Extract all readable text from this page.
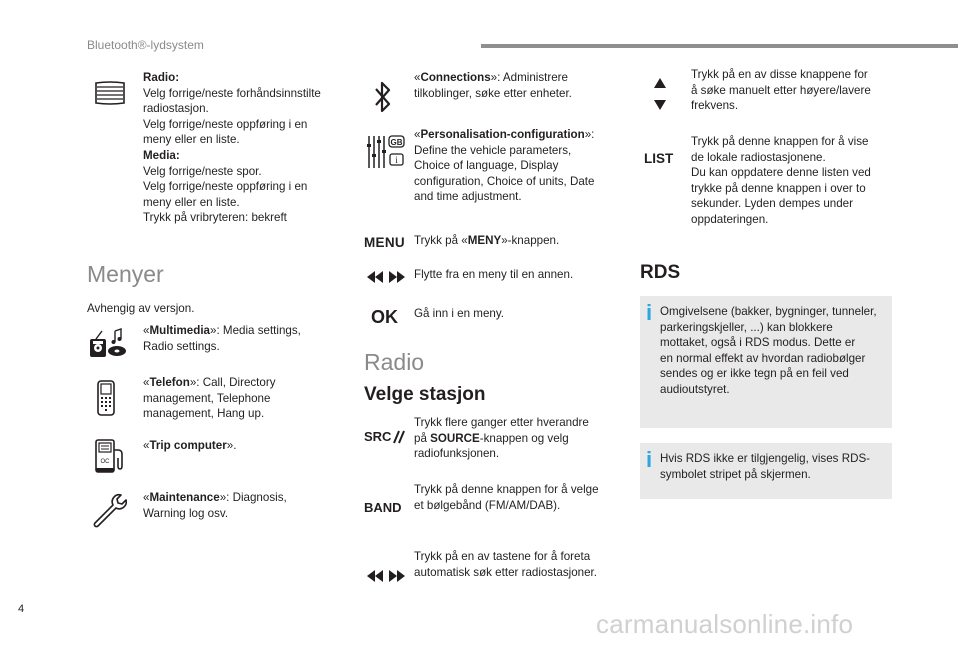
Bluetooth®-lydsystem
Radio:
Velg forrige/neste forhåndsinnstilte
radiostasjon.
Velg forrige/neste oppføring i en
meny eller en liste.
Media:
Velg forrige/neste spor.
Velg forrige/neste oppføring i en
meny eller en liste.
Trykk på vribryteren: bekreft
Menyer
Avhengig av versjon.
«Multimedia»: Media settings,
Radio settings.
«Telefon»: Call, Directory
management, Telephone
management, Hang up.
OC
«Trip computer».
«Maintenance»: Diagnosis,
Warning log osv.
«Connections»: Administrere
tilkoblinger, søke etter enheter.
GB
i
«Personalisation-configuration»:
Define the vehicle parameters,
Choice of language, Display
configuration, Choice of units, Date
and time adjustment.
MENU Trykk på «MENY»-knappen.
Flytte fra en meny til en annen.
OK Gå inn i en meny.
Radio
Velge stasjon
SRC
Trykk flere ganger etter hverandre
på SOURCE-knappen og velg
radiofunksjonen.
BAND
Trykk på denne knappen for å velge
et bølgebånd (FM/AM/DAB).
Trykk på en av tastene for å foreta
automatisk søk etter radiostasjoner.
Trykk på en av disse knappene for
å søke manuelt etter høyere/lavere
frekvens.
LIST
Trykk på denne knappen for å vise
de lokale radiostasjonene.
Du kan oppdatere denne listen ved
trykke på denne knappen i over to
sekunder. Lyden dempes under
oppdateringen.
RDS
i Omgivelsene (bakker, bygninger, tunneler,
parkeringskjeller, ...) kan blokkere
mottaket, også i RDS modus. Dette er
en normal effekt av hvordan radiobølger
sendes og er ikke tegn på en feil ved
audioutstyret.
i Hvis RDS ikke er tilgjengelig, vises RDS-
symbolet stripet på skjermen.
4	carmanualsonline.info
